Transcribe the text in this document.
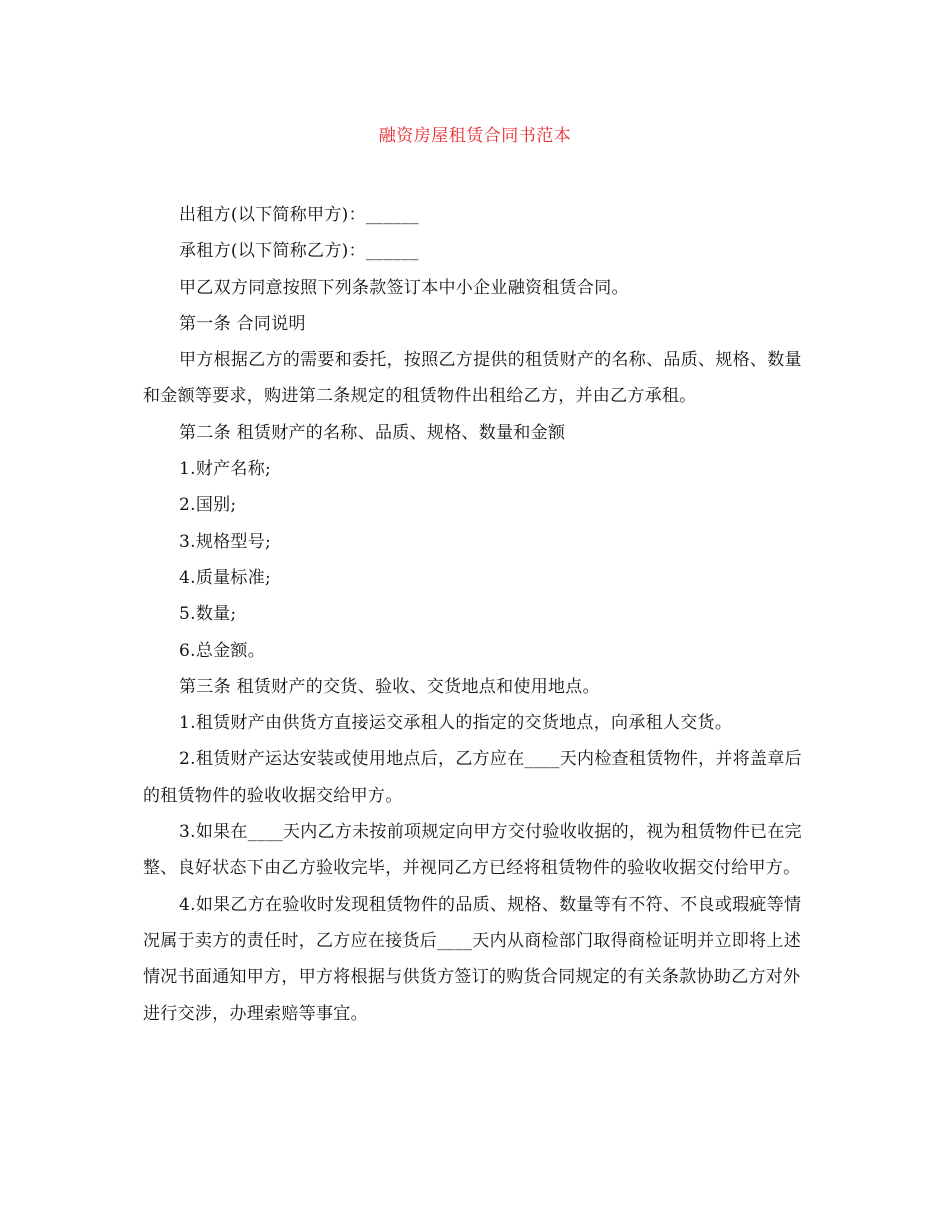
融资房屋租赁合同书范本

出租方(以下简称甲方)：______

承租方(以下简称乙方)：______

甲乙双方同意按照下列条款签订本中小企业融资租赁合同。

第一条 合同说明

甲方根据乙方的需要和委托，按照乙方提供的租赁财产的名称、品质、规格、数量和金额等要求，购进第二条规定的租赁物件出租给乙方，并由乙方承租。

第二条 租赁财产的名称、品质、规格、数量和金额

1.财产名称;

2.国别;

3.规格型号;

4.质量标准;

5.数量;

6.总金额。

第三条 租赁财产的交货、验收、交货地点和使用地点。

1.租赁财产由供货方直接运交承租人的指定的交货地点，向承租人交货。

2.租赁财产运达安装或使用地点后，乙方应在____天内检查租赁物件，并将盖章后的租赁物件的验收收据交给甲方。

3.如果在____天内乙方未按前项规定向甲方交付验收收据的，视为租赁物件已在完整、良好状态下由乙方验收完毕，并视同乙方已经将租赁物件的验收收据交付给甲方。

4.如果乙方在验收时发现租赁物件的品质、规格、数量等有不符、不良或瑕疵等情况属于卖方的责任时，乙方应在接货后____天内从商检部门取得商检证明并立即将上述情况书面通知甲方，甲方将根据与供货方签订的购货合同规定的有关条款协助乙方对外进行交涉，办理索赔等事宜。
